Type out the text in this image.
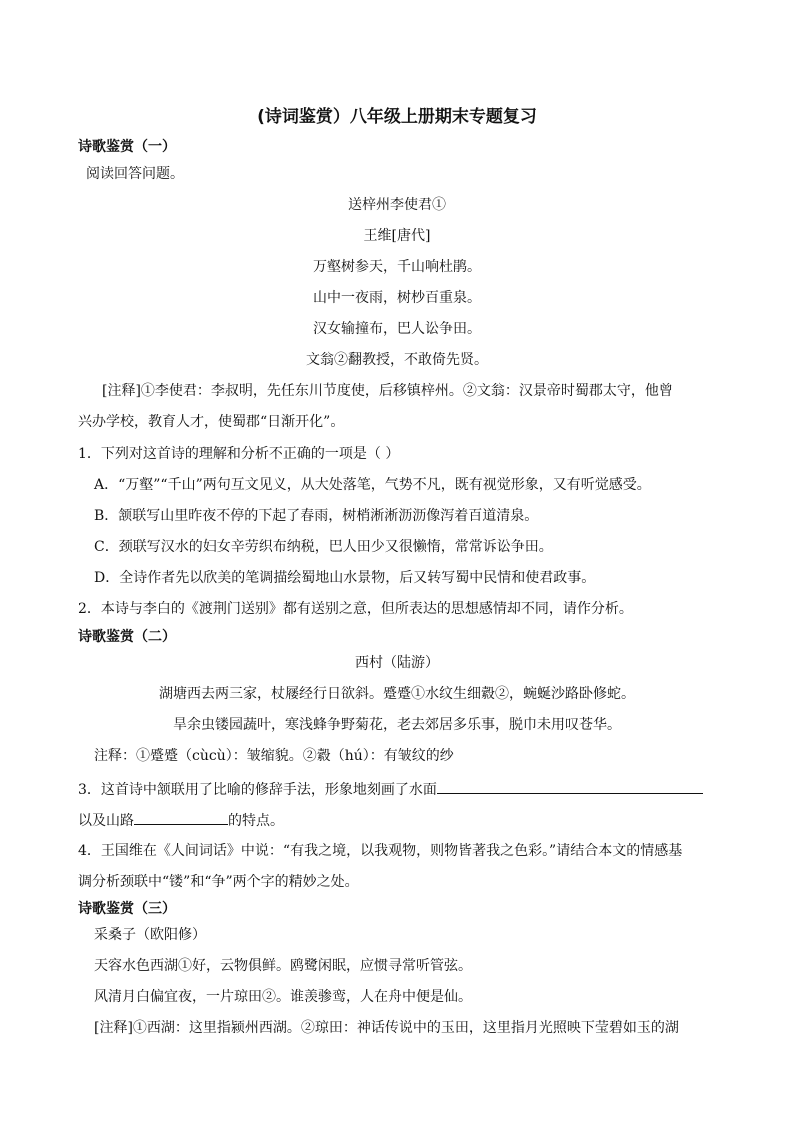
(诗词鉴赏）八年级上册期末专题复习
诗歌鉴赏（一）
阅读回答问题。
送梓州李使君①
王维[唐代]
万壑树参天，千山响杜鹃。
山中一夜雨，树杪百重泉。
汉女输撞布，巴人讼争田。
文翁②翻教授，不敢倚先贤。
[注释]①李使君：李叔明，先任东川节度使，后移镇梓州。②文翁：汉景帝时蜀郡太守，他曾
兴办学校，教育人才，使蜀郡“日渐开化”。
1．下列对这首诗的理解和分析不正确的一项是（ ）
A．“万壑”“千山”两句互文见义，从大处落笔，气势不凡，既有视觉形象，又有听觉感受。
B．颔联写山里昨夜不停的下起了春雨，树梢淅淅沥沥像泻着百道清泉。
C．颈联写汉水的妇女辛劳织布纳税，巴人田少又很懒惰，常常诉讼争田。
D．全诗作者先以欣美的笔调描绘蜀地山水景物，后又转写蜀中民情和使君政事。
2．本诗与李白的《渡荆门送别》都有送别之意，但所表达的思想感情却不同，请作分析。
诗歌鉴赏（二）
西村（陆游）
湖塘西去两三家，杖屦经行日欲斜。蹙蹙①水纹生细縠②，蜿蜒沙路卧修蛇。
旱余虫镂园蔬叶，寒浅蜂争野菊花，老去郊居多乐事，脱巾未用叹苍华。
注释：①蹙蹙（cùcù）：皱缩貌。②縠（hú）：有皱纹的纱
3．这首诗中颔联用了比喻的修辞手法，形象地刻画了水面
以及山路	的特点。
4．王国维在《人间词话》中说：“有我之境，以我观物，则物皆著我之色彩。”请结合本文的情感基
调分析颈联中“镂”和“争”两个字的精妙之处。
诗歌鉴赏（三）
采桑子（欧阳修）
天容水色西湖①好，云物俱鲜。鸥鹭闲眠，应惯寻常听管弦。
风清月白偏宜夜，一片琼田②。谁羡骖鸾，人在舟中便是仙。
[注释]①西湖：这里指颍州西湖。②琼田：神话传说中的玉田，这里指月光照映下莹碧如玉的湖
